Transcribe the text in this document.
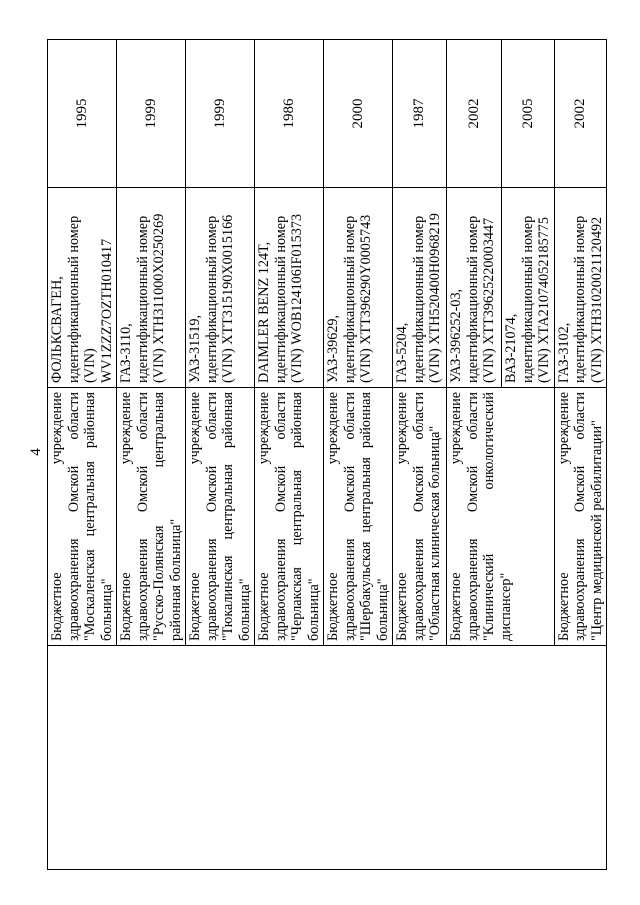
4
	Бюджетное учреждение здравоохранения Омской области "Москаленская центральная районная больница"	ФОЛЬКСВАГЕН, идентификационный номер (VIN) WV1ZZZ7OZTH010417	1995
	Бюджетное учреждение здравоохранения Омской области "Русско-Полянская центральная районная больница"	ГАЗ-3110, идентификационный номер (VIN) ХТН311000Х0250269	1999
	Бюджетное учреждение здравоохранения Омской области "Тюкалинская центральная районная больница"	УАЗ-31519, идентификационный номер (VIN) ХТТ315190Х0015166	1999
	Бюджетное учреждение здравоохранения Омской области "Черлакская центральная районная больница"	DAIMLER BENZ 124T, идентификационный номер (VIN) WOB124106IF015373	1986
	Бюджетное учреждение здравоохранения Омской области "Шербакульская центральная районная больница"	УАЗ-39629, идентификационный номер (VIN) ХТТ396290Y0005743	2000
	Бюджетное учреждение здравоохранения Омской области "Областная клиническая больница"	ГАЗ-5204, идентификационный номер (VIN) ХТН520400Н0968219	1987
	Бюджетное учреждение здравоохранения Омской области "Клинический онкологический диспансер"	УАЗ-396252-03, идентификационный номер (VIN) ХТТ39625220003447	2002

		ВАЗ-21074, идентификационный номер (VIN) ХТА21074052185775	2005
	Бюджетное учреждение здравоохранения Омской области "Центр медицинской реабилитации"	ГАЗ-3102, идентификационный номер (VIN) ХТН31020021120492	2002
